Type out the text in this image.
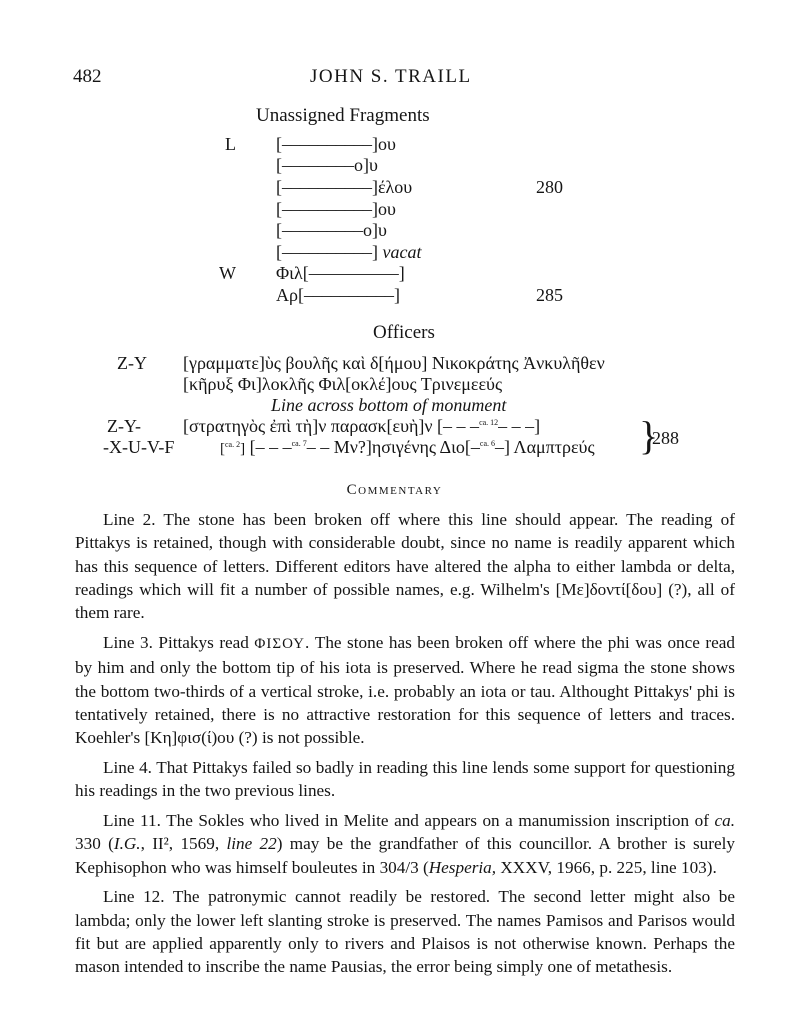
482	JOHN S. TRAILL
Unassigned Fragments
L [––––––––––]ου
[––––––––ο]υ
[––––––––––]έλου	280
[––––––––––]ου
[–––––––––ο]υ
[––––––––––] vacat
W Φιλ[––––––––––]
Αρ[––––––––––]	285
Officers
Z-Y [γραμματε]ὺς βουλῆς καὶ δ[ήμου] Νικοκράτης Ἀνκυλῆθεν
[κῆρυξ Φι]λοκλῆς Φιλ[οκλέ]ους Τρινεμεεύς
Line across bottom of monument
Z-Y- [στρατηγὸς ἐπὶ τὴ]ν παρασκ[ευὴ]ν [– – –$^{ca. 12}$– – –]
-X-U-V-F	[$^{ca. 2}$] [– – –$^{ca. 7}$– – Μν?]ησιγένης Διο[–$^{ca. 6}$–] Λαμπτρεύς }
288
Commentary

Line 2. The stone has been broken off where this line should appear. The reading of Pittakys is retained, though with considerable doubt, since no name is readily apparent which has this sequence of letters. Different editors have altered the alpha to either lambda or delta, readings which will fit a number of possible names, e.g. Wilhelm's [Με]δοντί[δου] (?), all of them rare.

Line 3. Pittakys read ΦΙΣΟΥ. The stone has been broken off where the phi was once read by him and only the bottom tip of his iota is preserved. Where he read sigma the stone shows the bottom two-thirds of a vertical stroke, i.e. probably an iota or tau. Althought Pittakys' phi is tentatively retained, there is no attractive restoration for this sequence of letters and traces. Koehler's [Κη]φισ(ί)ου (?) is not possible.

Line 4. That Pittakys failed so badly in reading this line lends some support for questioning his readings in the two previous lines.

Line 11. The Sokles who lived in Melite and appears on a manumission inscription of ca. 330 (I.G., II², 1569, line 22) may be the grandfather of this councillor. A brother is surely Kephisophon who was himself bouleutes in 304/3 (Hesperia, XXXV, 1966, p. 225, line 103).

Line 12. The patronymic cannot readily be restored. The second letter might also be lambda; only the lower left slanting stroke is preserved. The names Pamisos and Parisos would fit but are applied apparently only to rivers and Plaisos is not otherwise known. Perhaps the mason intended to inscribe the name Pausias, the error being simply one of metathesis.
